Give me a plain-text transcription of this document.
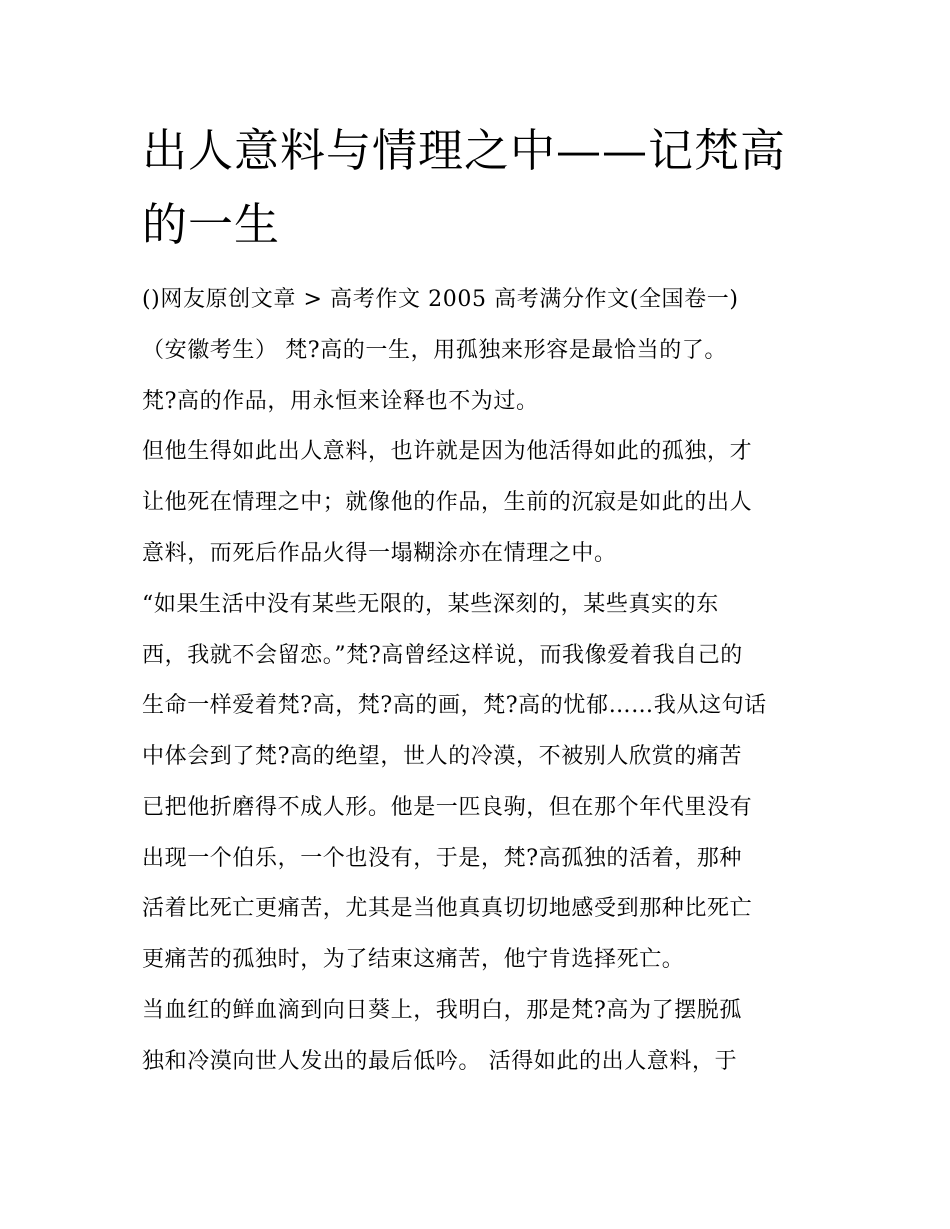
出人意料与情理之中——记梵高的一生

()网友原创文章 > 高考作文 2005 高考满分作文(全国卷一)

（安徽考生） 梵?高的一生，用孤独来形容是最恰当的了。

梵?高的作品，用永恒来诠释也不为过。

但他生得如此出人意料，也许就是因为他活得如此的孤独，才

让他死在情理之中；就像他的作品，生前的沉寂是如此的出人

意料，而死后作品火得一塌糊涂亦在情理之中。

“如果生活中没有某些无限的，某些深刻的，某些真实的东

西，我就不会留恋。”梵?高曾经这样说，而我像爱着我自己的

生命一样爱着梵?高，梵?高的画，梵?高的忧郁……我从这句话

中体会到了梵?高的绝望，世人的冷漠，不被别人欣赏的痛苦

已把他折磨得不成人形。他是一匹良驹，但在那个年代里没有

出现一个伯乐，一个也没有，于是，梵?高孤独的活着，那种

活着比死亡更痛苦，尤其是当他真真切切地感受到那种比死亡

更痛苦的孤独时，为了结束这痛苦，他宁肯选择死亡。

当血红的鲜血滴到向日葵上，我明白，那是梵?高为了摆脱孤

独和冷漠向世人发出的最后低吟。 活得如此的出人意料，于
